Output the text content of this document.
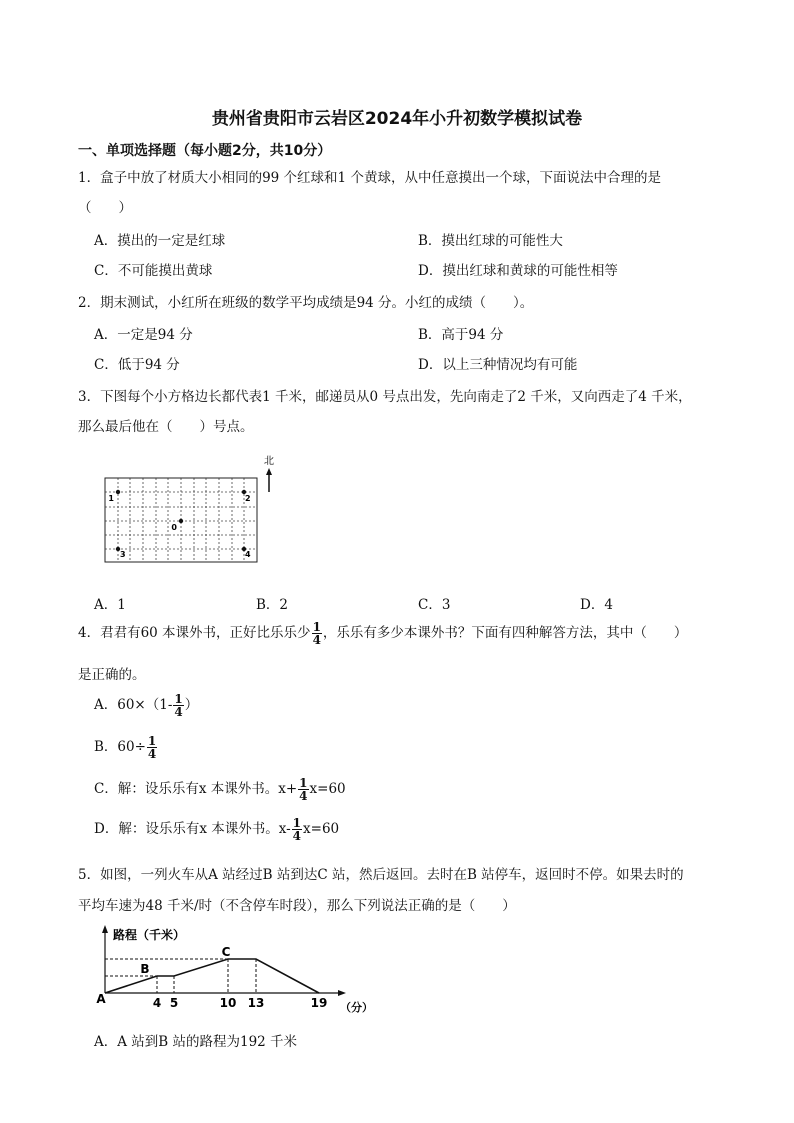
贵州省贵阳市云岩区2024年小升初数学模拟试卷
一、单项选择题（每小题2分，共10分）
1．盒子中放了材质大小相同的99 个红球和1 个黄球，从中任意摸出一个球，下面说法中合理的是
（　　）
A．摸出的一定是红球	B．摸出红球的可能性大
C．不可能摸出黄球	D．摸出红球和黄球的可能性相等
2．期末测试，小红所在班级的数学平均成绩是94 分。小红的成绩（　　）。
A．一定是94 分	B．高于94 分
C．低于94 分	D．以上三种情况均有可能
3．下图每个小方格边长都代表1 千米，邮递员从0 号点出发，先向南走了2 千米，又向西走了4 千米，
那么最后他在（　　）号点。
1	2
0
3	4
北
A．1	B．2	C．3	D．4
4．君君有60 本课外书，正好比乐乐少 $\frac{1}{4}$ ，乐乐有多少本课外书？下面有四种解答方法，其中（　　）
是正确的。
A．$60\times(1- \frac{1}{4}$ ）
B．$60\div \frac{1}{4}$
C．解：设乐乐有x 本课外书。$x+ \frac{1}{4} x=60$
D．解：设乐乐有x 本课外书。$x- \frac{1}{4} x=60$
5．如图，一列火车从A 站经过B 站到达C 站，然后返回。去时在B 站停车，返回时不停。如果去时的
平均车速为48 千米/时（不含停车时段），那么下列说法正确的是（　　）
路程（千米）
（分）
A
B
C
4 5	10 13	19
A．A 站到B 站的路程为192 千米
